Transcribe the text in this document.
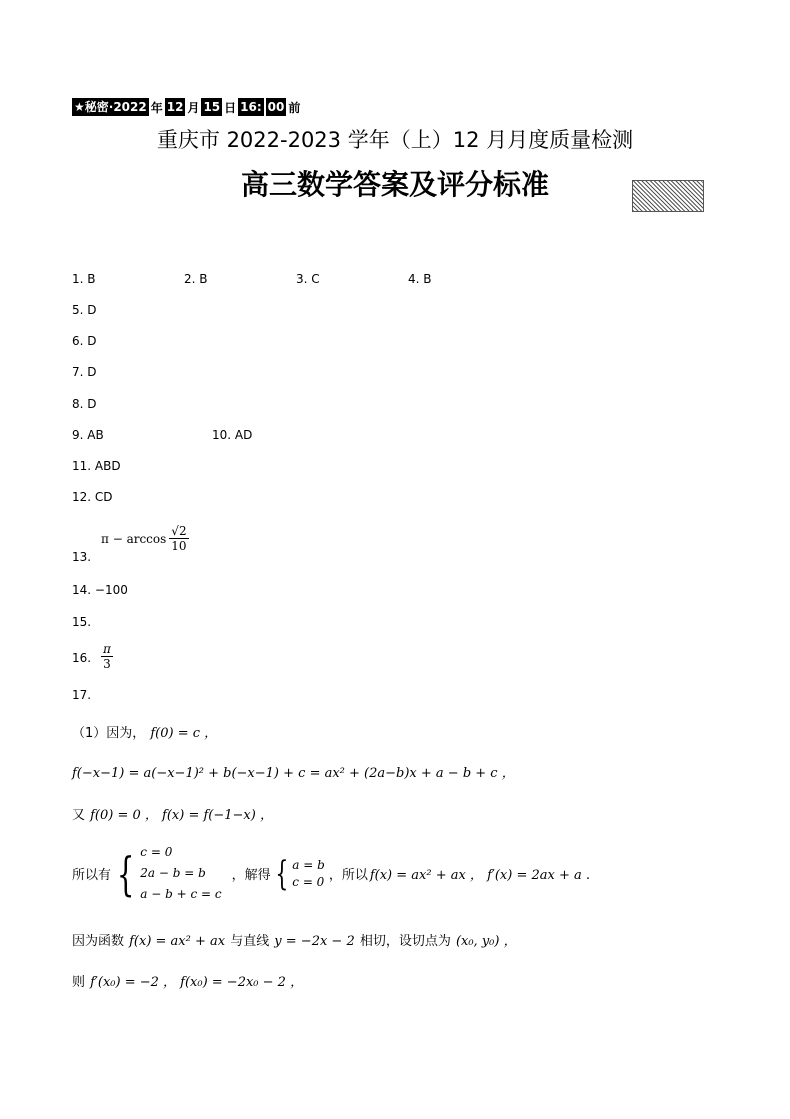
★秘密·2022 年 12 月 15 日 16: 00 前
重庆市 2022-2023 学年（上）12 月月度质量检测
高三数学答案及评分标准
1. B	2. B	3. C	4. B
5. D
6. D
7. D
8. D
9. AB	10. AD
11. ABD
12. CD
13.
$\pi - \arccos \frac{√2}{10}$
14. −100
15.
16. $\frac{\pi}{3}$
17.
（1）因为， f(0) = c ，
f(−x−1) = a(−x−1)² + b(−x−1) + c = ax² + (2a−b)x + a − b + c ，
又 f(0) = 0 ， f(x) = f(−1−x) ，
所以有 { c = 0
2a − b = b
a − b + c = c
，解得 { a = b
c = 0 ，所以 f(x) = ax² + ax ， f′(x) = 2ax + a .
因为函数 f(x) = ax² + ax 与直线 y = −2x − 2 相切，设切点为 (x₀, y₀) ，
则 f′(x₀) = −2 ， f(x₀) = −2x₀ − 2 ，
